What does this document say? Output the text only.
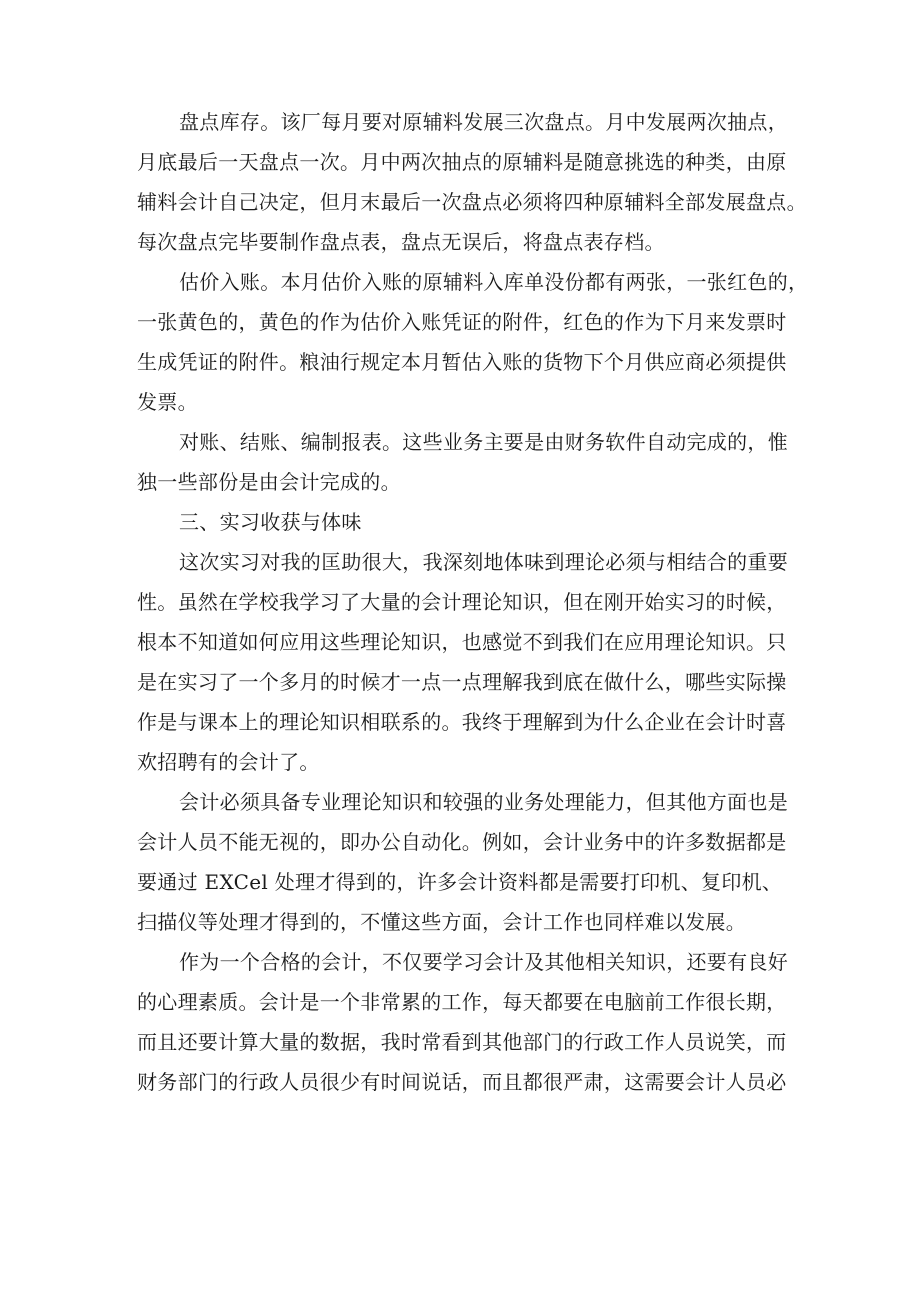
盘点库存。该厂每月要对原辅料发展三次盘点。月中发展两次抽点，
月底最后一天盘点一次。月中两次抽点的原辅料是随意挑选的种类，由原
辅料会计自己决定，但月末最后一次盘点必须将四种原辅料全部发展盘点。
每次盘点完毕要制作盘点表，盘点无误后，将盘点表存档。
估价入账。本月估价入账的原辅料入库单没份都有两张，一张红色的，
一张黄色的，黄色的作为估价入账凭证的附件，红色的作为下月来发票时
生成凭证的附件。粮油行规定本月暂估入账的货物下个月供应商必须提供
发票。
对账、结账、编制报表。这些业务主要是由财务软件自动完成的，惟
独一些部份是由会计完成的。
三、实习收获与体味
这次实习对我的匡助很大，我深刻地体味到理论必须与相结合的重要
性。虽然在学校我学习了大量的会计理论知识，但在刚开始实习的时候，
根本不知道如何应用这些理论知识，也感觉不到我们在应用理论知识。只
是在实习了一个多月的时候才一点一点理解我到底在做什么，哪些实际操
作是与课本上的理论知识相联系的。我终于理解到为什么企业在会计时喜
欢招聘有的会计了。
会计必须具备专业理论知识和较强的业务处理能力，但其他方面也是
会计人员不能无视的，即办公自动化。例如，会计业务中的许多数据都是
要通过 EXCel 处理才得到的，许多会计资料都是需要打印机、复印机、
扫描仪等处理才得到的，不懂这些方面，会计工作也同样难以发展。
作为一个合格的会计，不仅要学习会计及其他相关知识，还要有良好
的心理素质。会计是一个非常累的工作，每天都要在电脑前工作很长期，
而且还要计算大量的数据，我时常看到其他部门的行政工作人员说笑，而
财务部门的行政人员很少有时间说话，而且都很严肃，这需要会计人员必
